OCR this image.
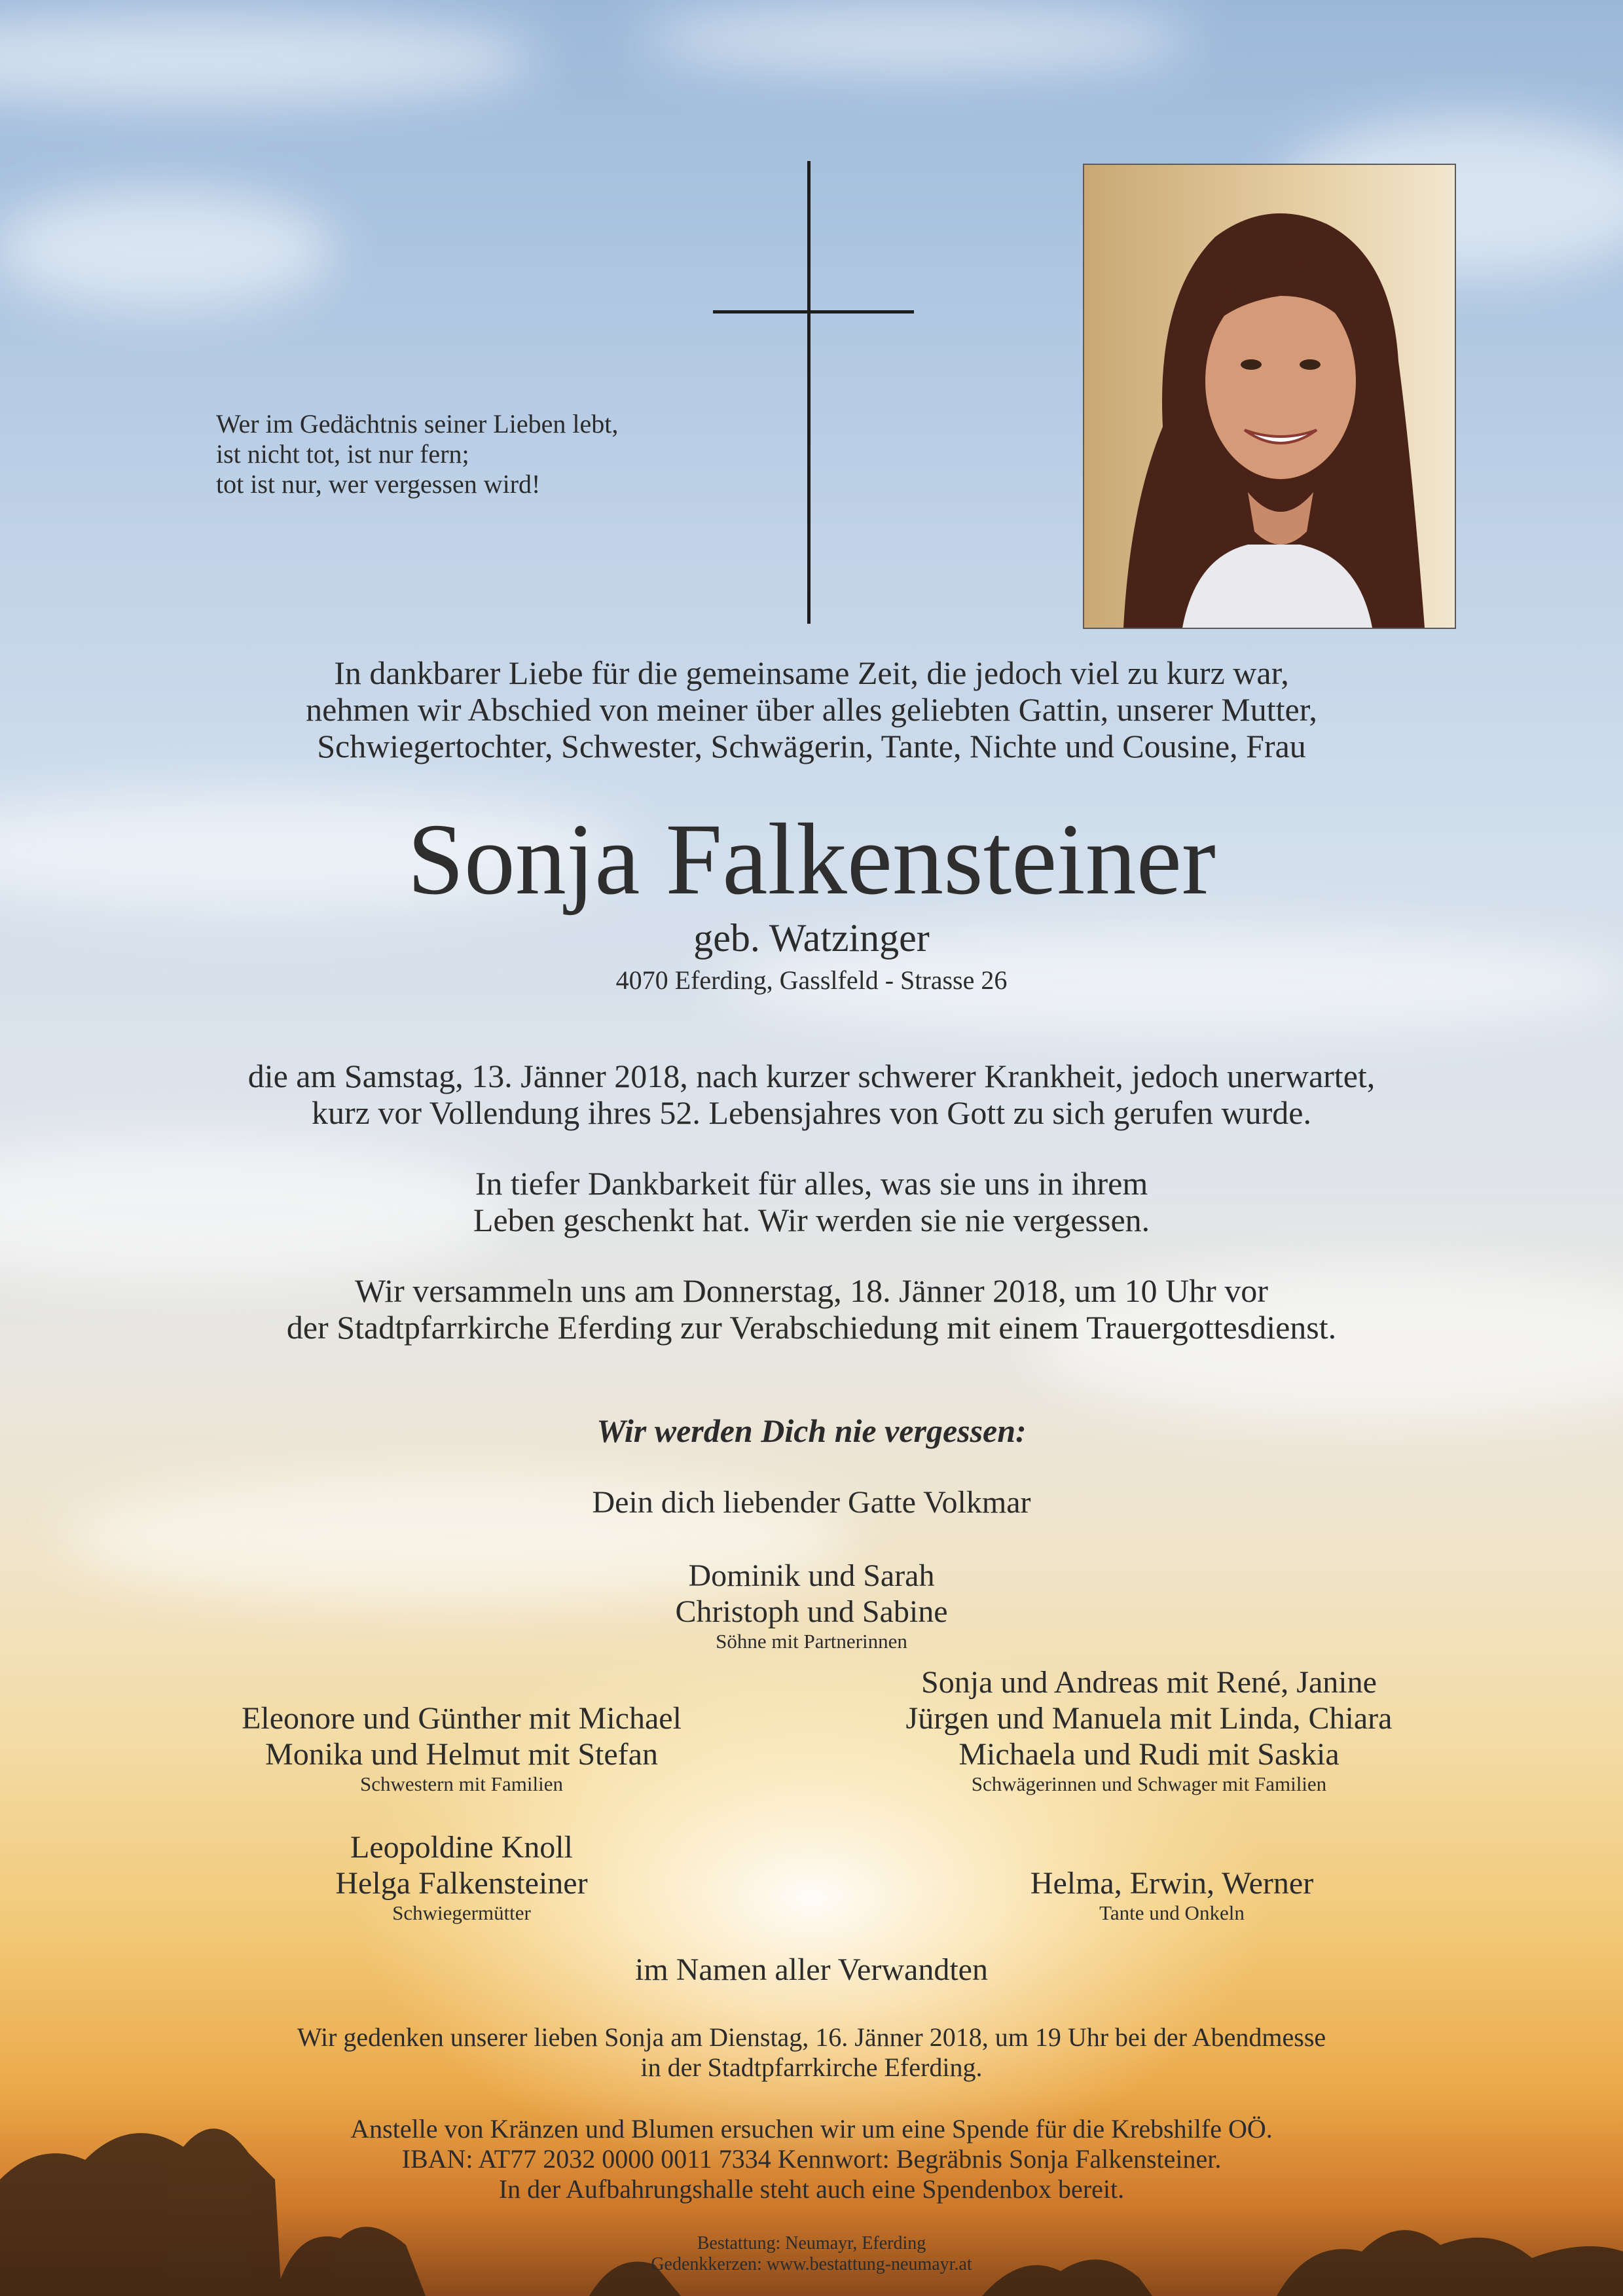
Wer im Gedächtnis seiner Lieben lebt,
ist nicht tot, ist nur fern;
tot ist nur, wer vergessen wird!
In dankbarer Liebe für die gemeinsame Zeit, die jedoch viel zu kurz war,
nehmen wir Abschied von meiner über alles geliebten Gattin, unserer Mutter,
Schwiegertochter, Schwester, Schwägerin, Tante, Nichte und Cousine, Frau
Sonja Falkensteiner
geb. Watzinger
4070 Eferding, Gasslfeld - Strasse 26
die am Samstag, 13. Jänner 2018, nach kurzer schwerer Krankheit, jedoch unerwartet,
kurz vor Vollendung ihres 52. Lebensjahres von Gott zu sich gerufen wurde.
In tiefer Dankbarkeit für alles, was sie uns in ihrem
Leben geschenkt hat. Wir werden sie nie vergessen.
Wir versammeln uns am Donnerstag, 18. Jänner 2018, um 10 Uhr vor
der Stadtpfarrkirche Eferding zur Verabschiedung mit einem Trauergottesdienst.
Wir werden Dich nie vergessen:
Dein dich liebender Gatte Volkmar
Dominik und Sarah
Christoph und Sabine
Söhne mit Partnerinnen
Eleonore und Günther mit Michael
Monika und Helmut mit Stefan
Schwestern mit Familien
Sonja und Andreas mit René, Janine
Jürgen und Manuela mit Linda, Chiara
Michaela und Rudi mit Saskia
Schwägerinnen und Schwager mit Familien
Leopoldine Knoll
Helga Falkensteiner
Schwiegermütter
Helma, Erwin, Werner
Tante und Onkeln
im Namen aller Verwandten
Wir gedenken unserer lieben Sonja am Dienstag, 16. Jänner 2018, um 19 Uhr bei der Abendmesse
in der Stadtpfarrkirche Eferding.
Anstelle von Kränzen und Blumen ersuchen wir um eine Spende für die Krebshilfe OÖ.
IBAN: AT77 2032 0000 0011 7334 Kennwort: Begräbnis Sonja Falkensteiner.
In der Aufbahrungshalle steht auch eine Spendenbox bereit.
Bestattung: Neumayr, Eferding
Gedenkkerzen: www.bestattung-neumayr.at
